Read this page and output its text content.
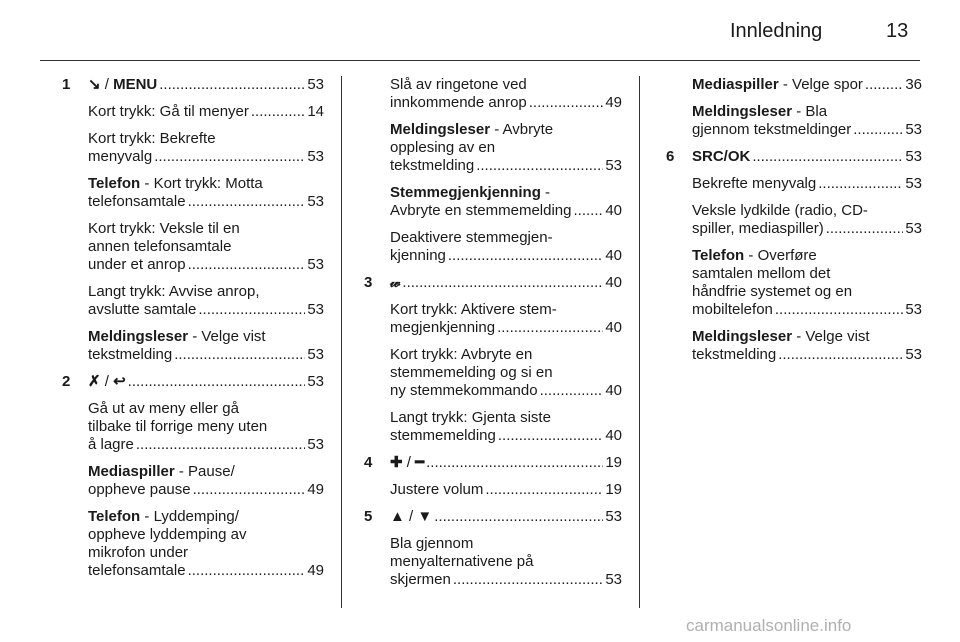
Innledning	13
1 ↘ / MENU .....	53
Kort trykk: Gå til menyer .....	14
Kort trykk: Bekrefte
menyvalg .....	53
Telefon - Kort trykk: Motta
telefonsamtale .....	53
Kort trykk: Veksle til en
annen telefonsamtale
under et anrop .....	53
Langt trykk: Avvise anrop,
avslutte samtale .....	53
Meldingsleser - Velge vist
tekstmelding .....	53
2 ✗ / ↩ .....	53
Gå ut av meny eller gå
tilbake til forrige meny uten
å lagre .....	53
Mediaspiller - Pause/
oppheve pause .....	49
Telefon - Lyddemping/
oppheve lyddemping av
mikrofon under
telefonsamtale .....	49
Slå av ringetone ved
innkommende anrop .....	49
Meldingsleser - Avbryte
opplesing av en
tekstmelding .....	53
Stemmegjenkjenning -
Avbryte en stemmemelding ..... 40
Deaktivere stemmegjen-
kjenning .....	40
3 𝓌 .....	40
Kort trykk: Aktivere stem-
megjenkjenning .....	40
Kort trykk: Avbryte en
stemmemelding og si en
ny stemmekommando .....	40
Langt trykk: Gjenta siste
stemmemelding .....	40
4 ✚ / ━ .....	19
Justere volum .....	19
5 ▲ / ▼ .....	53
Bla gjennom
menyalternativene på
skjermen .....	53
Mediaspiller - Velge spor .....	36
Meldingsleser - Bla
gjennom tekstmeldinger .....	53
6 SRC/OK .....	53
Bekrefte menyvalg .....	53
Veksle lydkilde (radio, CD-
spiller, mediaspiller) .....	53
Telefon - Overføre
samtalen mellom det
håndfrie systemet og en
mobiltelefon .....	53
Meldingsleser - Velge vist
tekstmelding .....	53
carmanualsonline.info
